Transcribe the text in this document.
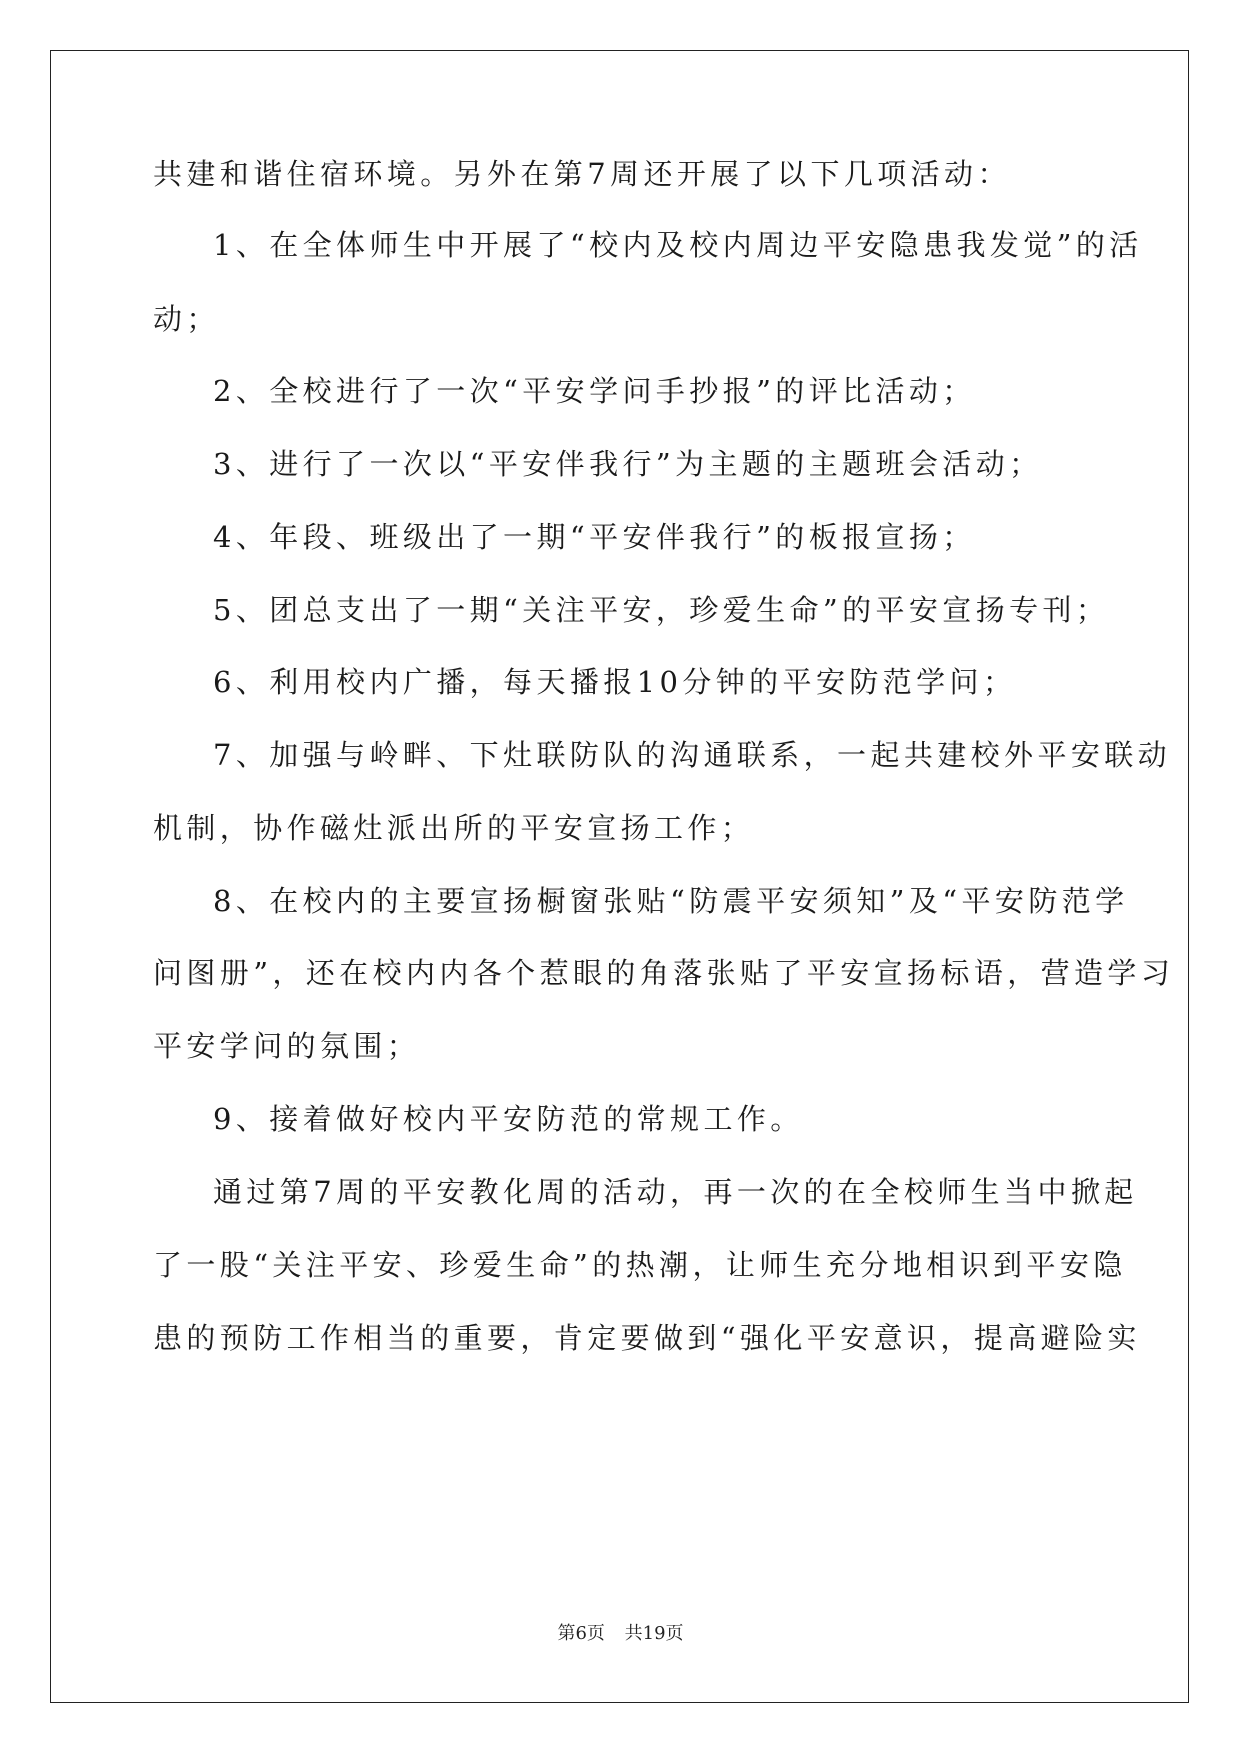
共建和谐住宿环境。另外在第7周还开展了以下几项活动：
1、在全体师生中开展了“校内及校内周边平安隐患我发觉”的活
动；
2、全校进行了一次“平安学问手抄报”的评比活动；
3、进行了一次以“平安伴我行”为主题的主题班会活动；
4、年段、班级出了一期“平安伴我行”的板报宣扬；
5、团总支出了一期“关注平安，珍爱生命”的平安宣扬专刊；
6、利用校内广播，每天播报10分钟的平安防范学问；
7、加强与岭畔、下灶联防队的沟通联系，一起共建校外平安联动
机制，协作磁灶派出所的平安宣扬工作；
8、在校内的主要宣扬橱窗张贴“防震平安须知”及“平安防范学
问图册”，还在校内内各个惹眼的角落张贴了平安宣扬标语，营造学习
平安学问的氛围；
9、接着做好校内平安防范的常规工作。
通过第7周的平安教化周的活动，再一次的在全校师生当中掀起
了一股“关注平安、珍爱生命”的热潮，让师生充分地相识到平安隐
患的预防工作相当的重要，肯定要做到“强化平安意识，提高避险实
第6页 共19页
